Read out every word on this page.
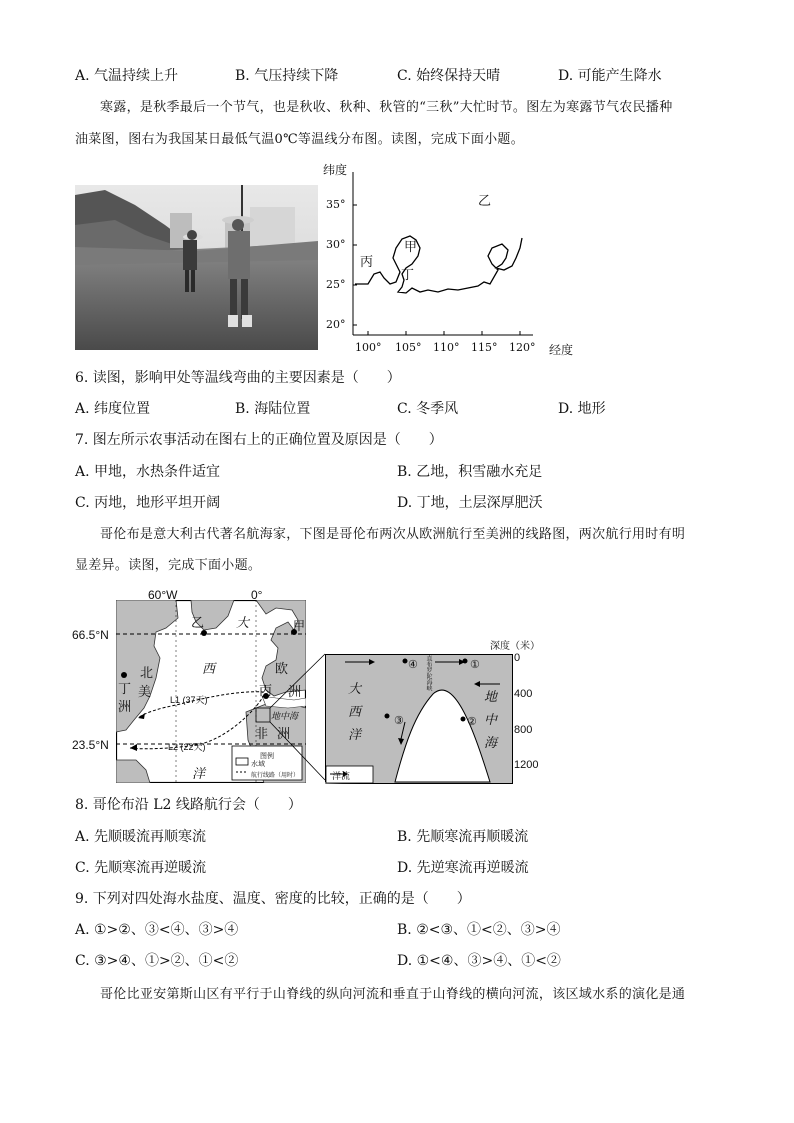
A. 气温持续上升	B. 气压持续下降	C. 始终保持天晴	D. 可能产生降水
寒露，是秋季最后一个节气，也是秋收、秋种、秋管的“三秋”大忙时节。图左为寒露节气农民播种
油菜图，图右为我国某日最低气温0℃等温线分布图。读图，完成下面小题。
纬度
35°
30°
25°
20°
100° 105° 110° 115° 120° 经度
乙
甲
丙
丁
6. 读图，影响甲处等温线弯曲的主要因素是（　　）
A. 纬度位置	B. 海陆位置	C. 冬季风	D. 地形
7. 图左所示农事活动在图右上的正确位置及原因是（　　）
A. 甲地，水热条件适宜	B. 乙地，积雪融水充足
C. 丙地，地形平坦开阔	D. 丁地，土层深厚肥沃
哥伦布是意大利古代著名航海家，下图是哥伦布两次从欧洲航行至美洲的线路图，两次航行用时有明
显差异。读图，完成下面小题。
60°W	0°
66.5°N
23.5°N
乙	甲
北
丁 美
洲
大
西
洋
欧
洲
丙
非 洲
地中海
L1 (37天)
L2 (22天)
图例
水域
航行线路（用时）
④	①
③	②
直布罗陀海峡
大
西
洋
地
中
海
洋流
深度（米）
0
400
800
1200
8. 哥伦布沿 L2 线路航行会（　　）
A. 先顺暖流再顺寒流	B. 先顺寒流再顺暖流
C. 先顺寒流再逆暖流	D. 先逆寒流再逆暖流
9. 下列对四处海水盐度、温度、密度的比较，正确的是（　　）
A. ①>②、③<④、③>④	B. ②<③、①<②、③>④
C. ③>④、①>②、①<②	D. ①<④、③>④、①<②
哥伦比亚安第斯山区有平行于山脊线的纵向河流和垂直于山脊线的横向河流，该区域水系的演化是通
